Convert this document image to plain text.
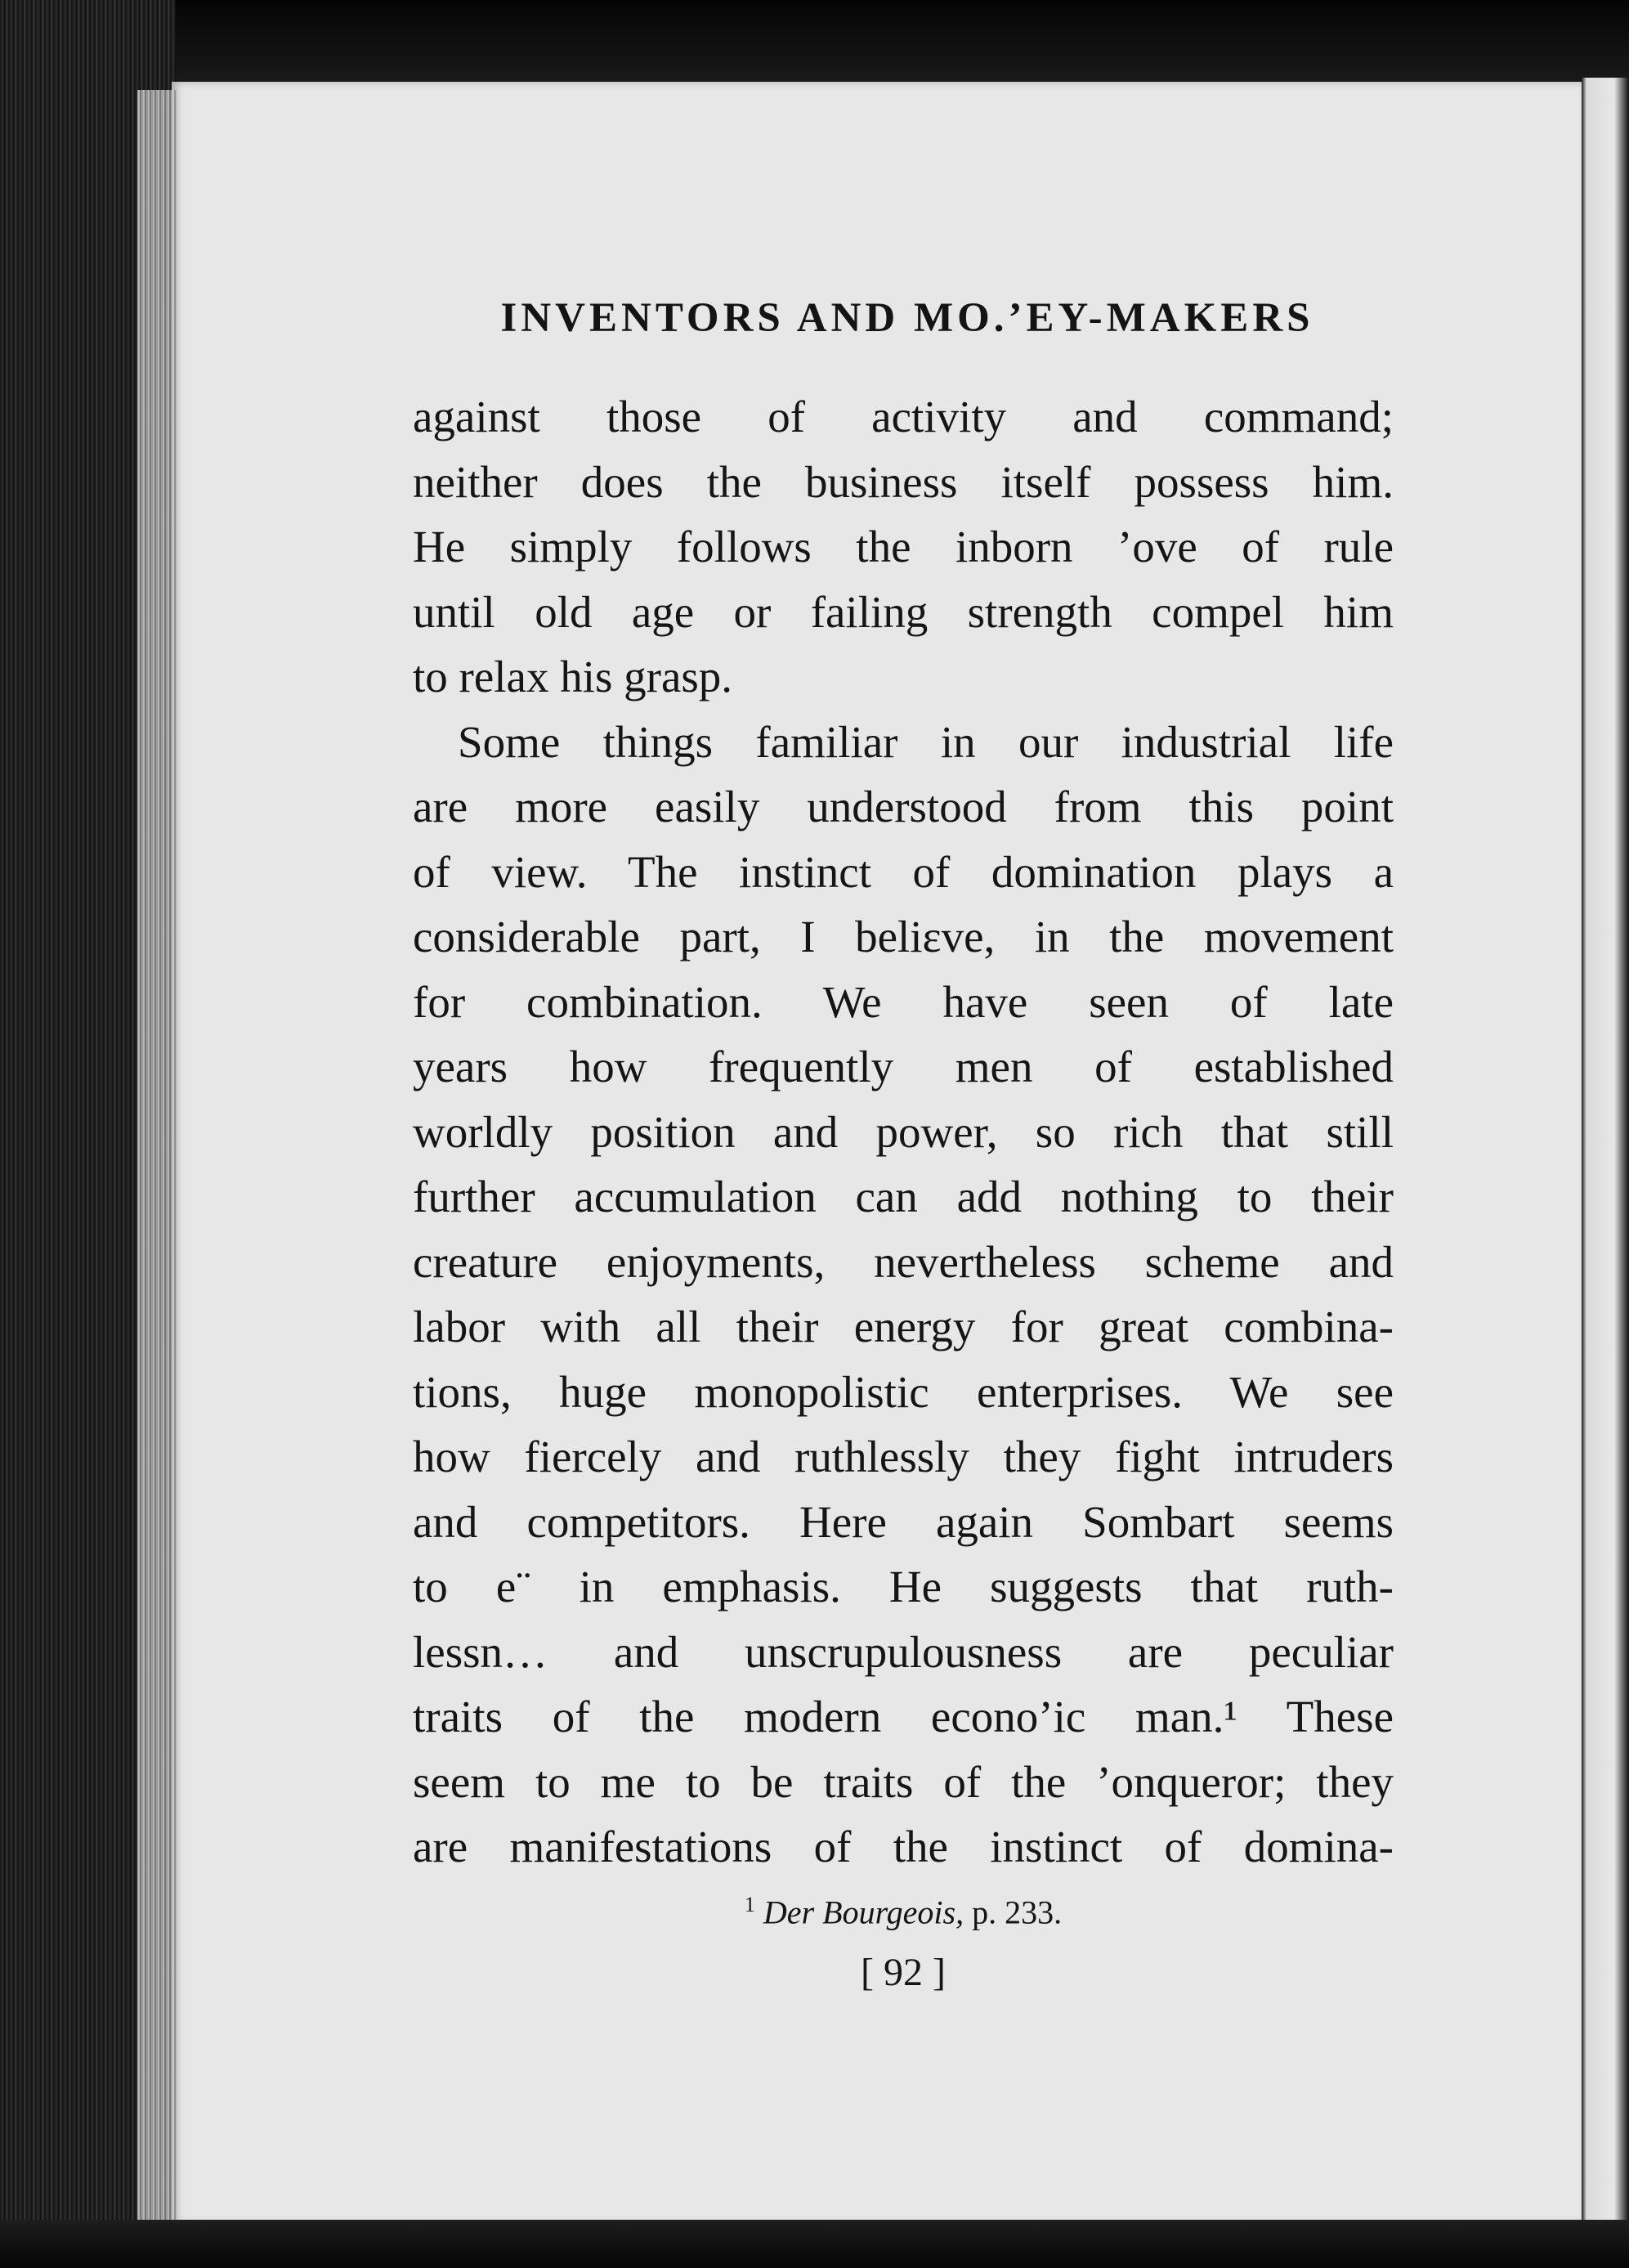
INVENTORS AND MO.’EY-MAKERS
against those of activity and command;
neither does the business itself possess him.
He simply follows the inborn ’ove of rule
until old age or failing strength compel him
to relax his grasp.
Some things familiar in our industrial life
are more easily understood from this point
of view. The instinct of domination plays a
considerable part, I beliɛve, in the movement
for combination. We have seen of late
years how frequently men of established
worldly position and power, so rich that still
further accumulation can add nothing to their
creature enjoyments, nevertheless scheme and
labor with all their energy for great combina-
tions, huge monopolistic enterprises. We see
how fiercely and ruthlessly they fight intruders
and competitors. Here again Sombart seems
to e¨ in emphasis. He suggests that ruth-
lessn… and unscrupulousness are peculiar
traits of the modern econo’ic man.¹ These
seem to me to be traits of the ’onqueror; they
are manifestations of the instinct of domina-
$^1$ Der Bourgeois, p. 233.
[ 92 ]
